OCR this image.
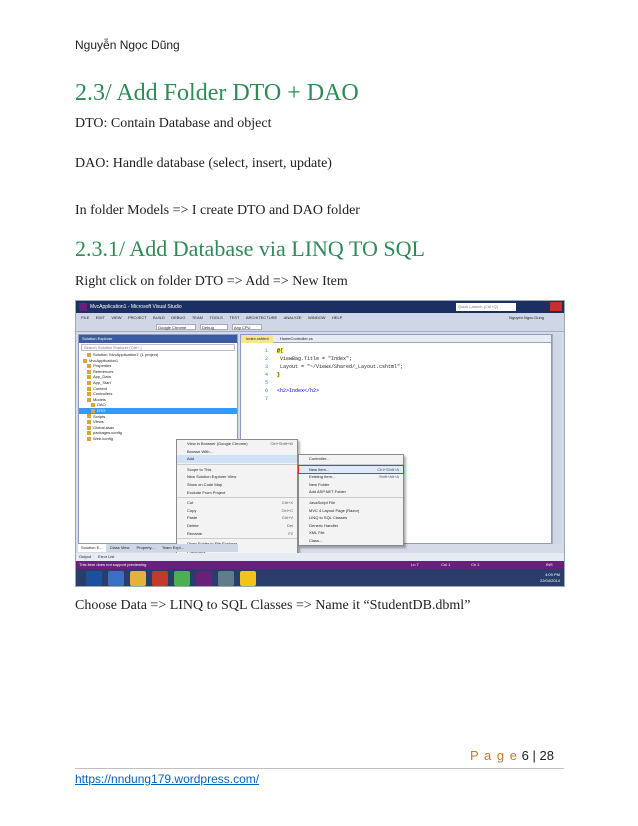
Nguyễn Ngọc Dũng
2.3/ Add Folder DTO + DAO
DTO: Contain Database and object
DAO: Handle database (select, insert, update)
In folder Models => I create DTO and DAO folder
2.3.1/ Add Database via LINQ TO SQL
Right click on folder DTO => Add => New Item
MvcApplication1 - Microsoft Visual Studio	Quick Launch (Ctrl+Q)
FILE EDIT VIEW PROJECT BUILD DEBUG TEAM TOOLS TEST ARCHITECTURE ANALYZE WINDOW HELP	Nguyen Ngoc Dung
Google Chrome	Debug	Any CPU
Solution Explorer
Search Solution Explorer (Ctrl+;)
Solution 'MvcApplication1' (1 project)
MvcApplication1
Properties
References
App_Data
App_Start
Content
Controllers
Models
DAO
DTO
Scripts
Views
Global.asax
packages.config
Web.config
Index.cshtml	HomeController.cs
1 @{
2 ViewBag.Title = "Index";
3 Layout = "~/Views/Shared/_Layout.cshtml";
4 }
5
6 <h2>Index</h2>
7
View in Browser (Google Chrome)	Ctrl+Shift+W
Browse With...
Add
Scope to This
New Solution Explorer View
Show on Code Map
Exclude From Project
Cut	Ctrl+X
Copy	Ctrl+C
Paste	Ctrl+V
Delete	Del
Rename	F2
Controller...
New Item...	Ctrl+Shift+A
Existing Item...	Shift+Alt+A
New Folder
Add ASP.NET Folder
JavaScript File
MVC 4 Layout Page (Razor)
LINQ to SQL Classes
Generic Handler
XML File
Class...
Solution E... Class View Property... Team Expl...
Output Error List
This item does not support previewing	Ln 7	Col 1	Ch 1	INS
4:09 PM
22/04/2014
Choose Data => LINQ to SQL Classes => Name it “StudentDB.dbml”
P a g e 6 | 28
https://nndung179.wordpress.com/
